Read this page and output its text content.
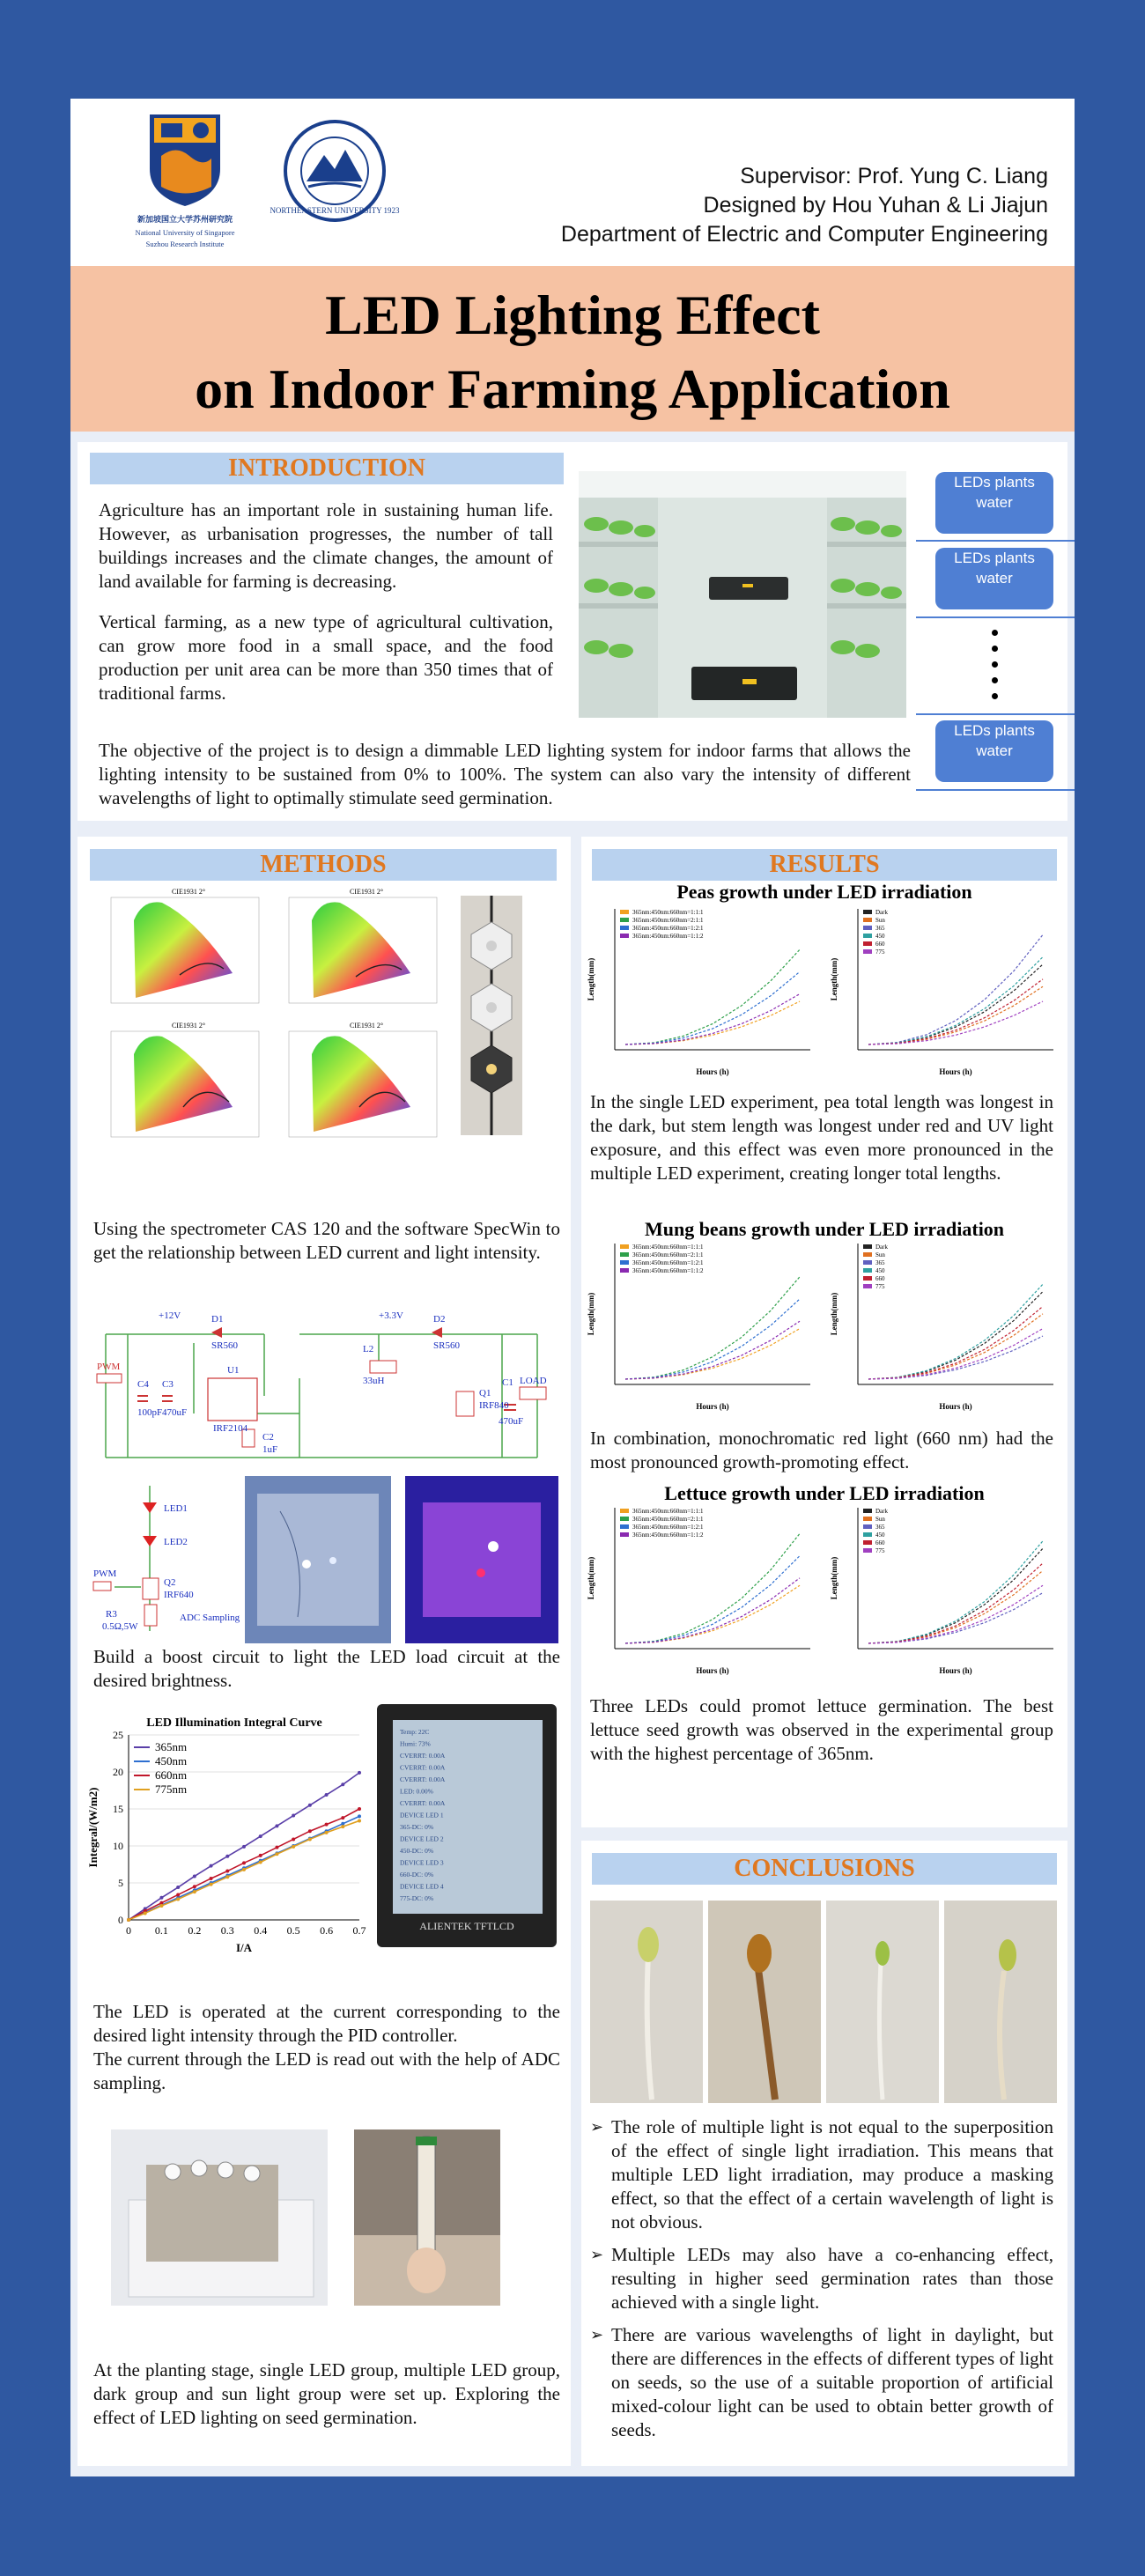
新加坡国立大学苏州研究院
National University of Singapore
Suzhou Research Institute
NORTHEASTERN UNIVERSITY 1923
Supervisor: Prof. Yung C. Liang
Designed by Hou Yuhan & Li Jiajun
Department of Electric and Computer Engineering
LED Lighting Effect
on Indoor Farming Application
INTRODUCTION
Agriculture has an important role in sustaining human life. However, as urbanisation progresses, the number of tall buildings increases and the climate changes, the amount of land available for farming is decreasing.
Vertical farming, as a new type of agricultural cultivation, can grow more food in a small space, and the food production per unit area can be more than 350 times that of traditional farms.
The objective of the project is to design a dimmable LED lighting system for indoor farms that allows the lighting intensity to be sustained from 0% to 100%. The system can also vary the intensity of different wavelengths of light to optimally stimulate seed germination.
LEDs plants water
LEDs plants water
LEDs plants water
METHODS
CIE1931 2°	CIE1931 2°
CIE1931 2°	CIE1931 2°
Using the spectrometer CAS 120 and the software SpecWin to get the relationship between LED current and light intensity.
+12V	+3.3V
D1
SR560
D2
SR560
L2
33uH
U1
IRF2104
Q1
IRF840
C1
470uF
C2
1uF
C3
470uF
C4
100pF
PWM
LOAD
LED1
LED2
Q2
IRF640
PWM
R3
0.5Ω,5W
ADC Sampling
Build a boost circuit to light the LED load circuit at the desired brightness.
LED Illumination Integral Curve
0
5
10
15
20
25
0 0.1 0.2 0.3 0.4 0.5 0.6 0.7
I/A
Integral/(W/m2)
365nm
450nm
660nm
775nm
Temp: 22C
Humi: 73%
CVERRT: 0.00A
CVERRT: 0.00A
CVERRT: 0.00A
LED: 0.00%
CVERRT: 0.00A
DEVICE LED 1
365-DC: 0%
DEVICE LED 2
450-DC: 0%
DEVICE LED 3
660-DC: 0%
DEVICE LED 4
775-DC: 0%
ALIENTEK TFTLCD
The LED is operated at the current corresponding to the desired light intensity through the PID controller.
The current through the LED is read out with the help of ADC sampling.
At the planting stage, single LED group, multiple LED group, dark group and sun light group were set up. Exploring the effect of LED lighting on seed germination.
RESULTS
Peas growth under LED irradiation
Mung beans growth under LED irradiation
Lettuce growth under LED irradiation
Hours (h)
Length(mm)
365nm:450nm:660nm=1:1:1
365nm:450nm:660nm=2:1:1
365nm:450nm:660nm=1:2:1
365nm:450nm:660nm=1:1:2
Hours (h)
Length(mm)
Dark
Sun
365
450
660
775
Hours (h)
Length(mm)
365nm:450nm:660nm=1:1:1
365nm:450nm:660nm=2:1:1
365nm:450nm:660nm=1:2:1
365nm:450nm:660nm=1:1:2
Hours (h)
Length(mm)
Dark
Sun
365
450
660
775
Hours (h)
Length(mm)
365nm:450nm:660nm=1:1:1
365nm:450nm:660nm=2:1:1
365nm:450nm:660nm=1:2:1
365nm:450nm:660nm=1:1:2
Hours (h)
Length(mm)
Dark
Sun
365
450
660
775
In the single LED experiment, pea total length was longest in the dark, but stem length was longest under red and UV light exposure, and this effect was even more pronounced in the multiple LED experiment, creating longer total lengths.
In combination, monochromatic red light (660 nm) had the most pronounced growth-promoting effect.
Three LEDs could promot lettuce germination. The best lettuce seed growth was observed in the experimental group with the highest percentage of 365nm.
CONCLUSIONS
➢ The role of multiple light is not equal to the superposition of the effect of single light irradiation. This means that multiple LED light irradiation, may produce a masking effect, so that the effect of a certain wavelength of light is not obvious.
➢ Multiple LEDs may also have a co-enhancing effect, resulting in higher seed germination rates than those achieved with a single light.
➢ There are various wavelengths of light in daylight, but there are differences in the effects of different types of light on seeds, so the use of a suitable proportion of artificial mixed-colour light can be used to obtain better growth of seeds.
